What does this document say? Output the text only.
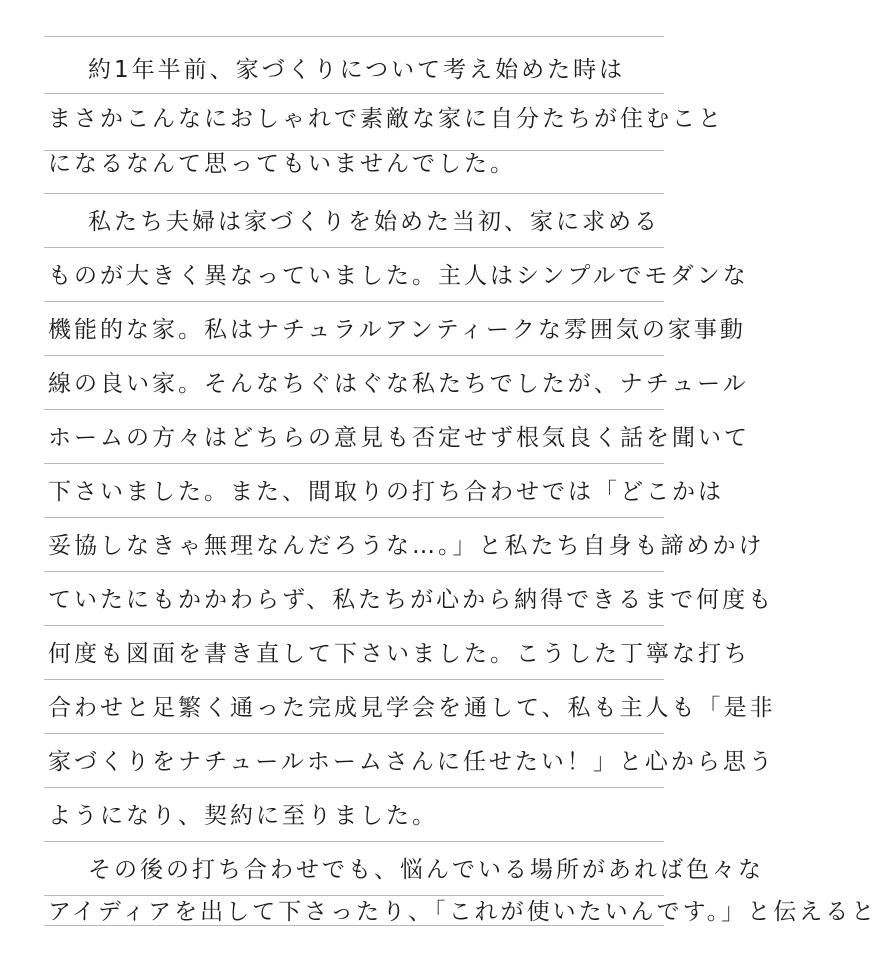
約1年半前、家づくりについて考え始めた時は
まさかこんなにおしゃれで素敵な家に自分たちが住むこと
になるなんて思ってもいませんでした。
私たち夫婦は家づくりを始めた当初、家に求める
ものが大きく異なっていました。主人はシンプルでモダンな
機能的な家。私はナチュラルアンティークな雰囲気の家事動
線の良い家。そんなちぐはぐな私たちでしたが、ナチュール
ホームの方々はどちらの意見も否定せず根気良く話を聞いて
下さいました。また、間取りの打ち合わせでは「どこかは
妥協しなきゃ無理なんだろうな…。」と私たち自身も諦めかけ
ていたにもかかわらず、私たちが心から納得できるまで何度も
何度も図面を書き直して下さいました。こうした丁寧な打ち
合わせと足繁く通った完成見学会を通して、私も主人も「是非
家づくりをナチュールホームさんに任せたい！」と心から思う
ようになり、契約に至りました。
その後の打ち合わせでも、悩んでいる場所があれば色々な
アイディアを出して下さったり、「これが使いたいんです。」と伝えると
